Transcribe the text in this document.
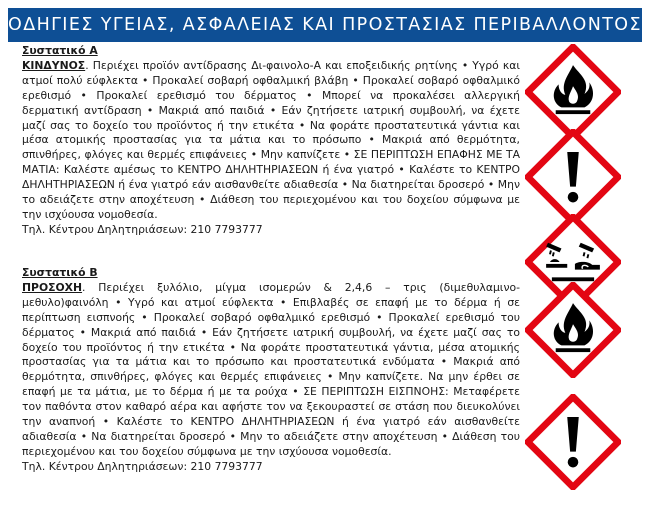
ΟΔΗΓΙΕΣ ΥΓΕΙΑΣ, ΑΣΦΑΛΕΙΑΣ ΚΑΙ ΠΡΟΣΤΑΣΙΑΣ ΠΕΡΙΒΑΛΛΟΝΤΟΣ

Συστατικό Α

ΚΙΝΔΥΝΟΣ. Περιέχει προϊόν αντίδρασης Δι-φαινολο-Α και εποξειδικής ρητίνης • Υγρό και ατμοί πολύ εύφλεκτα • Προκαλεί σοβαρή οφθαλμική βλάβη • Προκαλεί σοβαρό οφθαλμικό ερεθισμό • Προκαλεί ερεθισμό του δέρματος • Μπορεί να προκαλέσει αλλεργική δερματική αντίδραση • Μακριά από παιδιά • Εάν ζητήσετε ιατρική συμβουλή, να έχετε μαζί σας το δοχείο του προϊόντος ή την ετικέτα • Να φοράτε προστατευτικά γάντια και μέσα ατομικής προστασίας για τα μάτια και το πρόσωπο • Μακριά από θερμότητα, σπινθήρες, φλόγες και θερμές επιφάνειες • Μην καπνίζετε • ΣΕ ΠΕΡΙΠΤΩΣΗ ΕΠΑΦΗΣ ΜΕ ΤΑ ΜΑΤΙΑ: Καλέστε αμέσως το ΚΕΝΤΡΟ ΔΗΛΗΤΗΡΙΑΣΕΩΝ ή ένα γιατρό • Καλέστε το ΚΕΝΤΡΟ ΔΗΛΗΤΗΡΙΑΣΕΩΝ ή ένα γιατρό εάν αισθανθείτε αδιαθεσία • Να διατηρείται δροσερό • Μην το αδειάζετε στην αποχέτευση • Διάθεση του περιεχομένου και του δοχείου σύμφωνα με την ισχύουσα νομοθεσία.

Τηλ. Κέντρου Δηλητηριάσεων: 210 7793777

Συστατικό Β

ΠΡΟΣΟΧΗ. Περιέχει ξυλόλιο, μίγμα ισομερών & 2,4,6 – τρις (διμεθυλαμινο-μεθυλο)φαινόλη • Υγρό και ατμοί εύφλεκτα • Επιβλαβές σε επαφή με το δέρμα ή σε περίπτωση εισπνοής • Προκαλεί σοβαρό οφθαλμικό ερεθισμό • Προκαλεί ερεθισμό του δέρματος • Μακριά από παιδιά • Εάν ζητήσετε ιατρική συμβουλή, να έχετε μαζί σας το δοχείο του προϊόντος ή την ετικέτα • Να φοράτε προστατευτικά γάντια, μέσα ατομικής προστασίας για τα μάτια και το πρόσωπο και προστατευτικά ενδύματα • Μακριά από θερμότητα, σπινθήρες, φλόγες και θερμές επιφάνειες • Μην καπνίζετε. Να μην έρθει σε επαφή με τα μάτια, με το δέρμα ή με τα ρούχα • ΣΕ ΠΕΡΙΠΤΩΣΗ ΕΙΣΠΝΟΗΣ: Μεταφέρετε τον παθόντα στον καθαρό αέρα και αφήστε τον να ξεκουραστεί σε στάση που διευκολύνει την αναπνοή • Καλέστε το ΚΕΝΤΡΟ ΔΗΛΗΤΗΡΙΑΣΕΩΝ ή ένα γιατρό εάν αισθανθείτε αδιαθεσία • Να διατηρείται δροσερό • Μην το αδειάζετε στην αποχέτευση • Διάθεση του περιεχομένου και του δοχείου σύμφωνα με την ισχύουσα νομοθεσία.

Τηλ. Κέντρου Δηλητηριάσεων: 210 7793777
